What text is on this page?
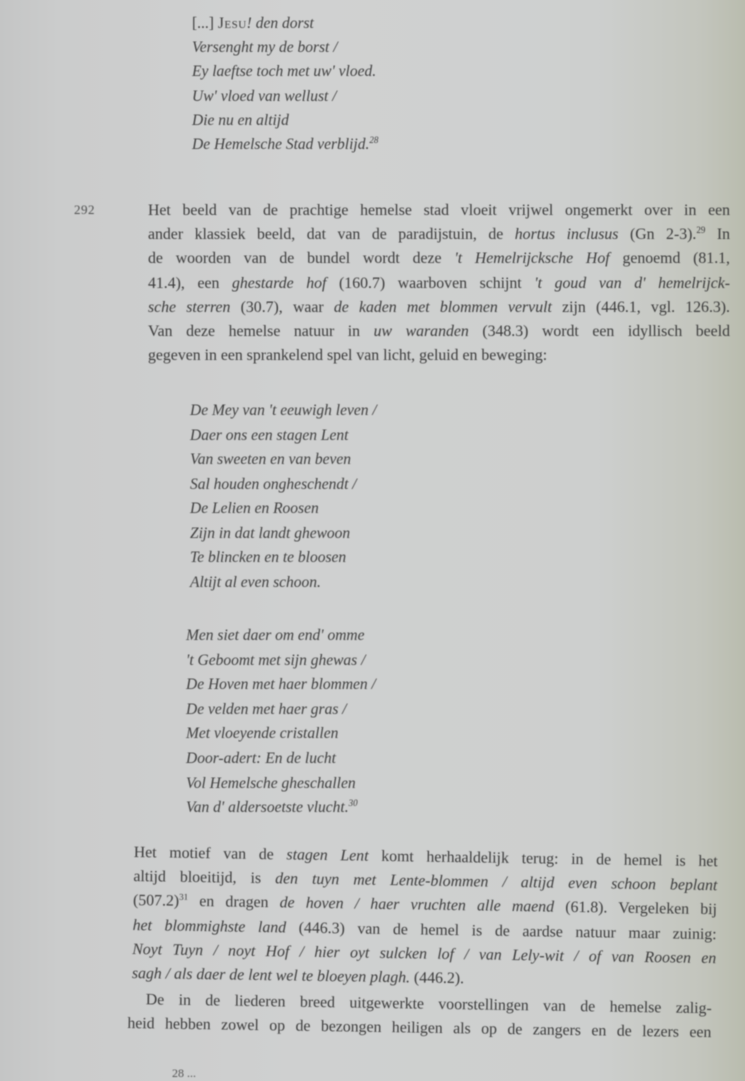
[...] Jesu! den dorst
Versenght my de borst /
Ey laeftse toch met uw' vloed.
Uw' vloed van wellust /
Die nu en altijd
De Hemelsche Stad verblijd.$^{28}$
292	Het beeld van de prachtige hemelse stad vloeit vrijwel ongemerkt over in een
ander klassiek beeld, dat van de paradijstuin, de hortus inclusus (Gn 2-3).$^{29}$ In
de woorden van de bundel wordt deze 't Hemelrijcksche Hof genoemd (81.1,
41.4), een ghestarde hof (160.7) waarboven schijnt 't goud van d' hemelrijck-
sche sterren (30.7), waar de kaden met blommen vervult zijn (446.1, vgl. 126.3).
Van deze hemelse natuur in uw waranden (348.3) wordt een idyllisch beeld
gegeven in een sprankelend spel van licht, geluid en beweging:
De Mey van 't eeuwigh leven /
Daer ons een stagen Lent
Van sweeten en van beven
Sal houden ongheschendt /
De Lelien en Roosen
Zijn in dat landt ghewoon
Te blincken en te bloosen
Altijt al even schoon.
Men siet daer om end' omme
't Geboomt met sijn ghewas /
De Hoven met haer blommen /
De velden met haer gras /
Met vloeyende cristallen
Door-adert: En de lucht
Vol Hemelsche gheschallen
Van d' aldersoetste vlucht.$^{30}$
Het motief van de stagen Lent komt herhaaldelijk terug: in de hemel is het
altijd bloeitijd, is den tuyn met Lente-blommen / altijd even schoon beplant
$(507.2)^{31}$ en dragen de hoven / haer vruchten alle maend (61.8). Vergeleken bij
het blommighste land (446.3) van de hemel is de aardse natuur maar zuinig:
Noyt Tuyn / noyt Hof / hier oyt sulcken lof / van Lely-wit / of van Roosen en
sagh / als daer de lent wel te bloeyen plagh. (446.2).
De in de liederen breed uitgewerkte voorstellingen van de hemelse zalig-
heid hebben zowel op de bezongen heiligen als op de zangers en de lezers een
28 ...
